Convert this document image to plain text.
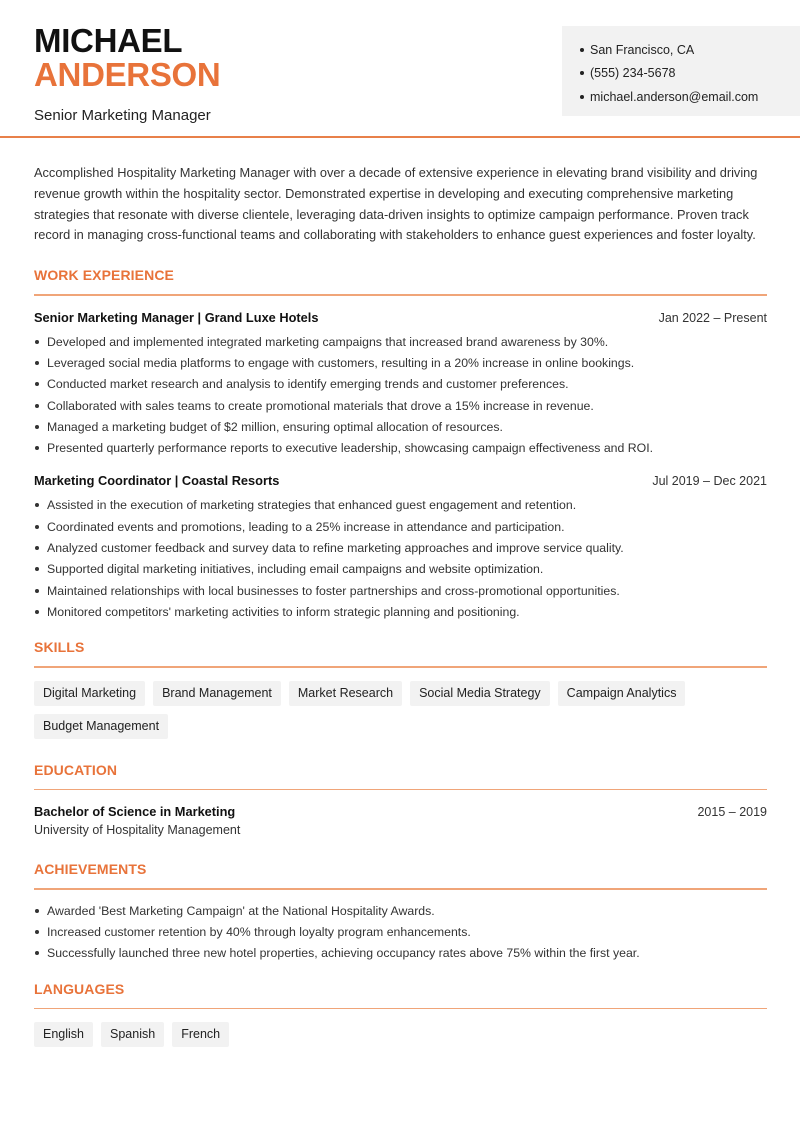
MICHAEL
ANDERSON
Senior Marketing Manager
San Francisco, CA
(555) 234-5678
michael.anderson@email.com

Accomplished Hospitality Marketing Manager with over a decade of extensive experience in elevating brand visibility and driving revenue growth within the hospitality sector. Demonstrated expertise in developing and executing comprehensive marketing strategies that resonate with diverse clientele, leveraging data-driven insights to optimize campaign performance. Proven track record in managing cross-functional teams and collaborating with stakeholders to enhance guest experiences and foster loyalty.

WORK EXPERIENCE
Senior Marketing Manager | Grand Luxe Hotels	Jan 2022 – Present
Developed and implemented integrated marketing campaigns that increased brand awareness by 30%.
Leveraged social media platforms to engage with customers, resulting in a 20% increase in online bookings.
Conducted market research and analysis to identify emerging trends and customer preferences.
Collaborated with sales teams to create promotional materials that drove a 15% increase in revenue.
Managed a marketing budget of $2 million, ensuring optimal allocation of resources.
Presented quarterly performance reports to executive leadership, showcasing campaign effectiveness and ROI.
Marketing Coordinator | Coastal Resorts	Jul 2019 – Dec 2021
Assisted in the execution of marketing strategies that enhanced guest engagement and retention.
Coordinated events and promotions, leading to a 25% increase in attendance and participation.
Analyzed customer feedback and survey data to refine marketing approaches and improve service quality.
Supported digital marketing initiatives, including email campaigns and website optimization.
Maintained relationships with local businesses to foster partnerships and cross-promotional opportunities.
Monitored competitors' marketing activities to inform strategic planning and positioning.
SKILLS
Digital Marketing	Brand Management	Market Research	Social Media Strategy	Campaign Analytics
Budget Management
EDUCATION
Bachelor of Science in Marketing	2015 – 2019
University of Hospitality Management
ACHIEVEMENTS
Awarded 'Best Marketing Campaign' at the National Hospitality Awards.
Increased customer retention by 40% through loyalty program enhancements.
Successfully launched three new hotel properties, achieving occupancy rates above 75% within the first year.
LANGUAGES
English	Spanish	French
